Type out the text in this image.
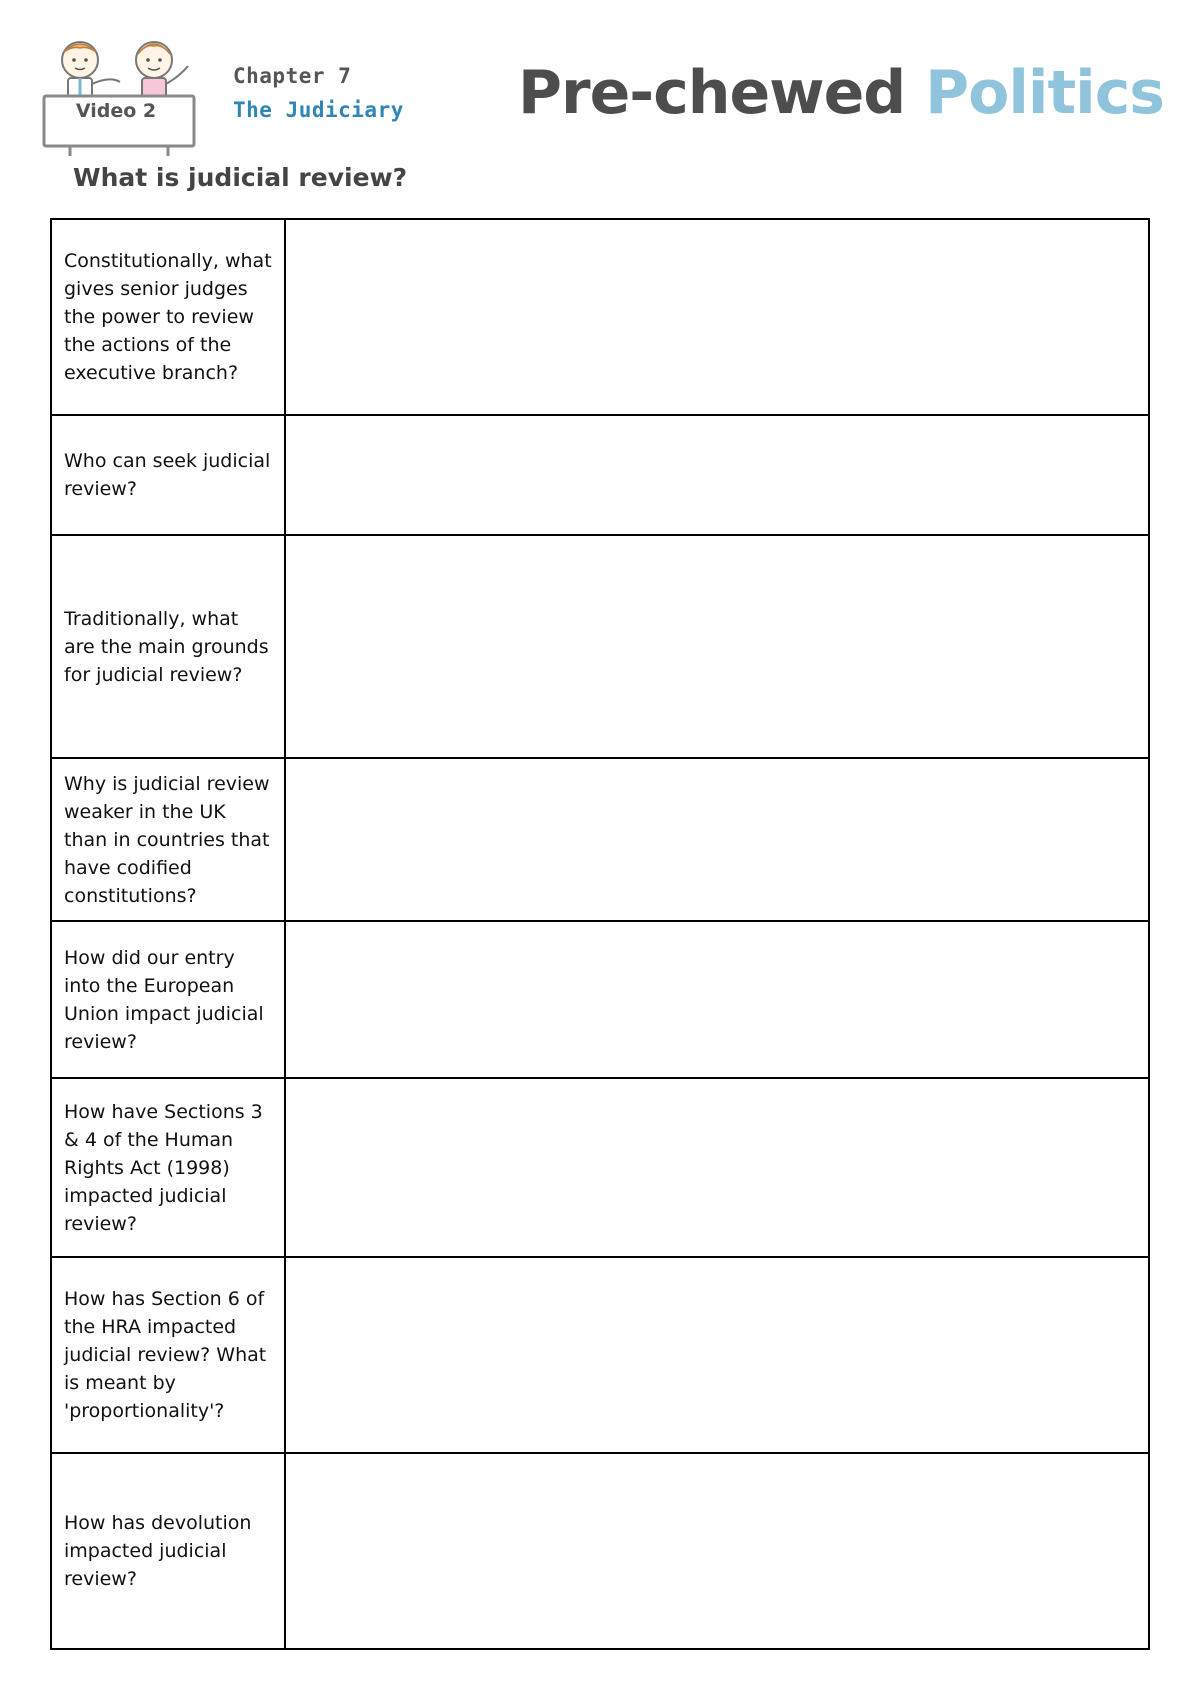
Video 2
Chapter 7
The Judiciary Pre-chewed Politics
What is judicial review?
Constitutionally, what gives senior judges the power to review the actions of the executive branch?	

Who can seek judicial review?	

Traditionally, what are the main grounds for judicial review?	

Why is judicial review weaker in the UK than in countries that have codified constitutions?	

How did our entry into the European Union impact judicial review?	

How have Sections 3 & 4 of the Human Rights Act (1998) impacted judicial review?	

How has Section 6 of the HRA impacted judicial review? What is meant by 'proportionality'?	

How has devolution impacted judicial review?	
